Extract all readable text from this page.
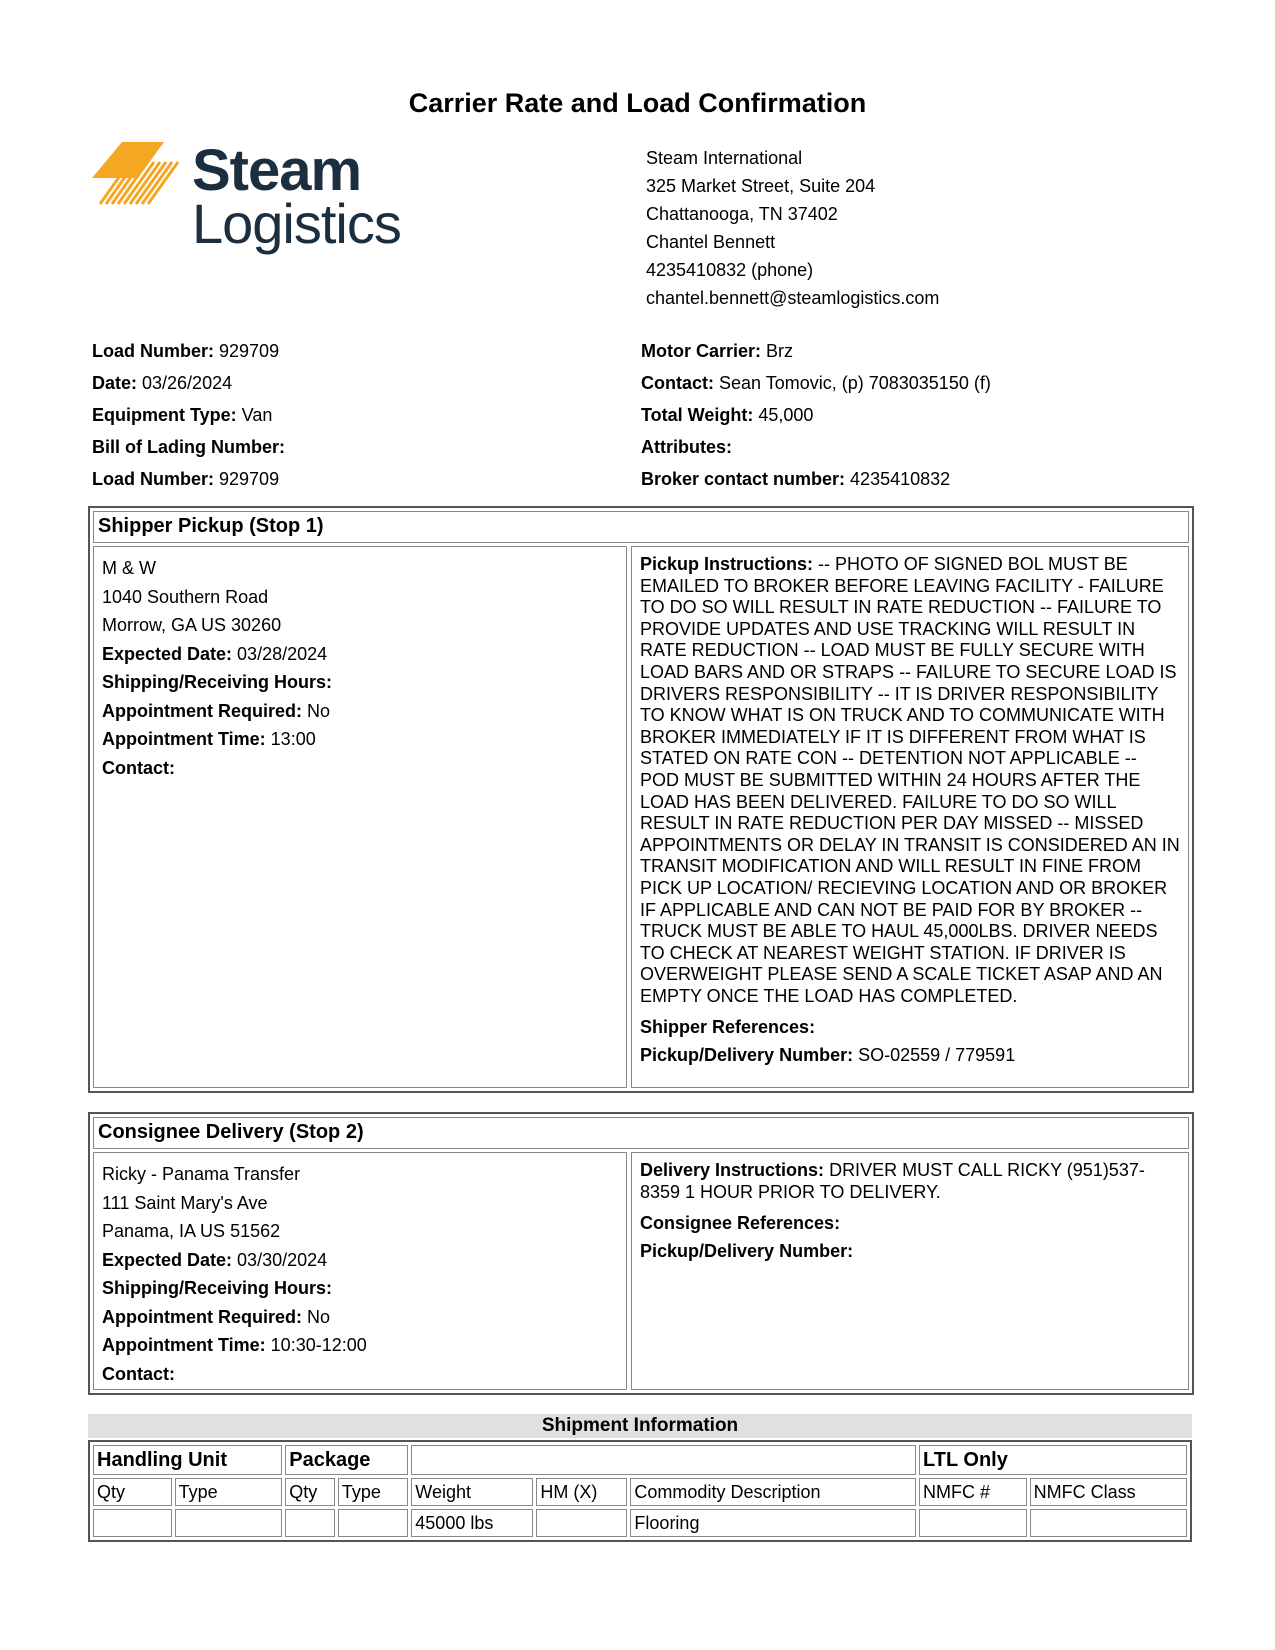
Carrier Rate and Load Confirmation
Steam
Logistics
Steam International
325 Market Street, Suite 204
Chattanooga, TN 37402
Chantel Bennett
4235410832 (phone)
chantel.bennett@steamlogistics.com
Load Number: 929709
Date: 03/26/2024
Equipment Type: Van
Bill of Lading Number:
Load Number: 929709
Motor Carrier: Brz
Contact: Sean Tomovic, (p) 7083035150 (f)
Total Weight: 45,000
Attributes:
Broker contact number: 4235410832
Shipper Pickup (Stop 1)
M & W
1040 Southern Road
Morrow, GA US 30260
Expected Date: 03/28/2024
Shipping/Receiving Hours:
Appointment Required: No
Appointment Time: 13:00
Contact:
Pickup Instructions: -- PHOTO OF SIGNED BOL MUST BE EMAILED TO BROKER BEFORE LEAVING FACILITY - FAILURE TO DO SO WILL RESULT IN RATE REDUCTION -- FAILURE TO PROVIDE UPDATES AND USE TRACKING WILL RESULT IN RATE REDUCTION -- LOAD MUST BE FULLY SECURE WITH LOAD BARS AND OR STRAPS -- FAILURE TO SECURE LOAD IS DRIVERS RESPONSIBILITY -- IT IS DRIVER RESPONSIBILITY TO KNOW WHAT IS ON TRUCK AND TO COMMUNICATE WITH BROKER IMMEDIATELY IF IT IS DIFFERENT FROM WHAT IS STATED ON RATE CON -- DETENTION NOT APPLICABLE -- POD MUST BE SUBMITTED WITHIN 24 HOURS AFTER THE LOAD HAS BEEN DELIVERED. FAILURE TO DO SO WILL RESULT IN RATE REDUCTION PER DAY MISSED -- MISSED APPOINTMENTS OR DELAY IN TRANSIT IS CONSIDERED AN IN TRANSIT MODIFICATION AND WILL RESULT IN FINE FROM PICK UP LOCATION/ RECIEVING LOCATION AND OR BROKER IF APPLICABLE AND CAN NOT BE PAID FOR BY BROKER --TRUCK MUST BE ABLE TO HAUL 45,000LBS. DRIVER NEEDS TO CHECK AT NEAREST WEIGHT STATION. IF DRIVER IS OVERWEIGHT PLEASE SEND A SCALE TICKET ASAP AND AN EMPTY ONCE THE LOAD HAS COMPLETED.
Shipper References:
Pickup/Delivery Number: SO-02559 / 779591
Consignee Delivery (Stop 2)
Ricky - Panama Transfer
111 Saint Mary's Ave
Panama, IA US 51562
Expected Date: 03/30/2024
Shipping/Receiving Hours:
Appointment Required: No
Appointment Time: 10:30-12:00
Contact:
Delivery Instructions: DRIVER MUST CALL RICKY (951)537-8359 1 HOUR PRIOR TO DELIVERY.
Consignee References:
Pickup/Delivery Number:
Shipment Information
Handling Unit		Package					LTL Only	
Qty	Type	Qty	Type	Weight	HM (X)	Commodity Description	NMFC #	NMFC Class
				45000 lbs		Flooring		
